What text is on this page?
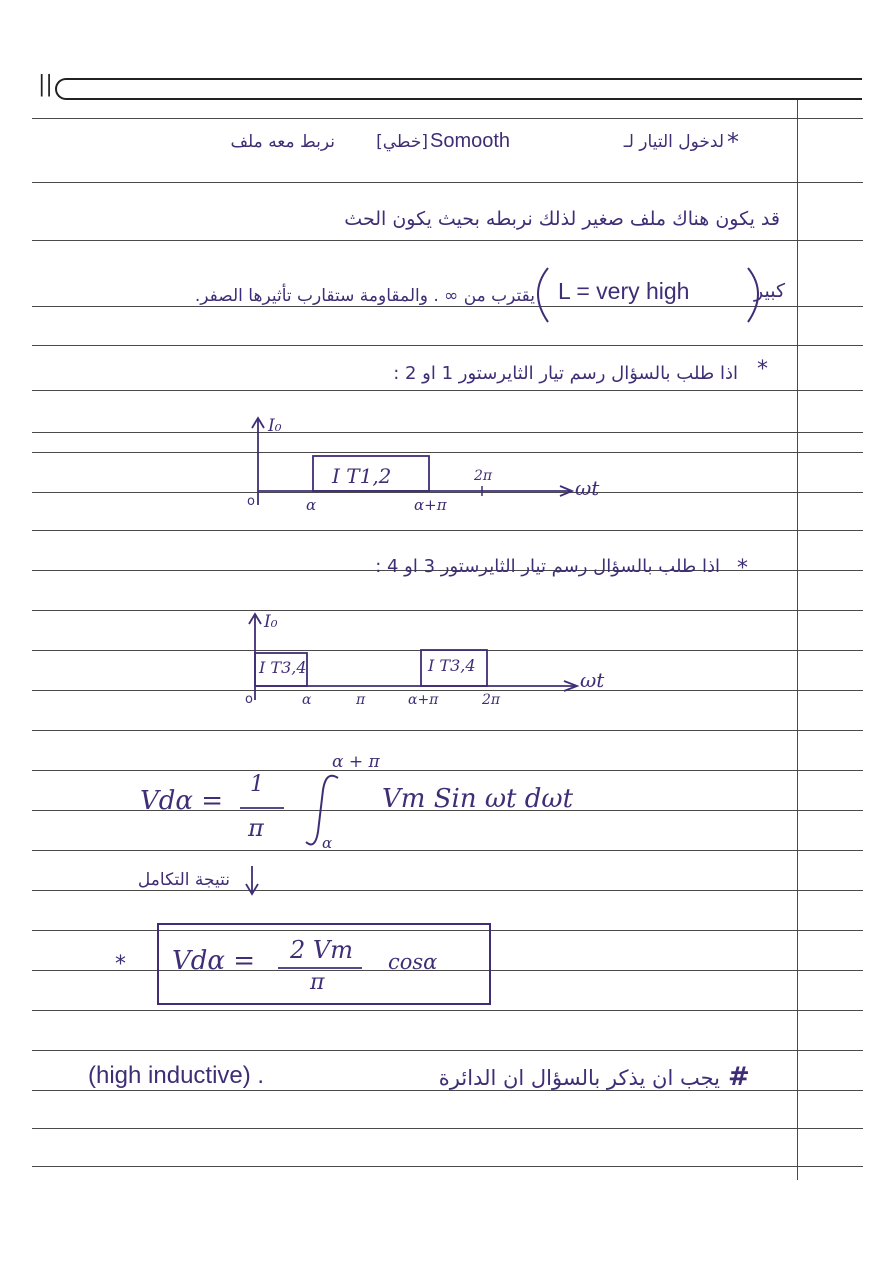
||
*
لدخول التيار لـ
Somooth
[خطي]
نربط معه ملف
قد يكون هناك ملف صغير لذلك نربطه بحيث يكون الحث
كبير
L = very high
يقترب من ∞ . والمقاومة ستقارب تأثيرها الصفر.
*
اذا طلب بالسؤال رسم تيار الثايرستور 1 او 2 :
I₀
o
I T1,2
α	α+π
2π	ωt
*
اذا طلب بالسؤال رسم تيار الثايرستور 3 او 4 :
I₀
o
I T3,4	I T3,4
α	π	α+π	2π
ωt
Vdα =
1
π
α + π
α
Vm Sin ωt dωt
نتيجة التكامل
* Vdα = 2 Vm
π
cosα
#
يجب ان يذكر بالسؤال ان الدائرة
(high inductive) .
